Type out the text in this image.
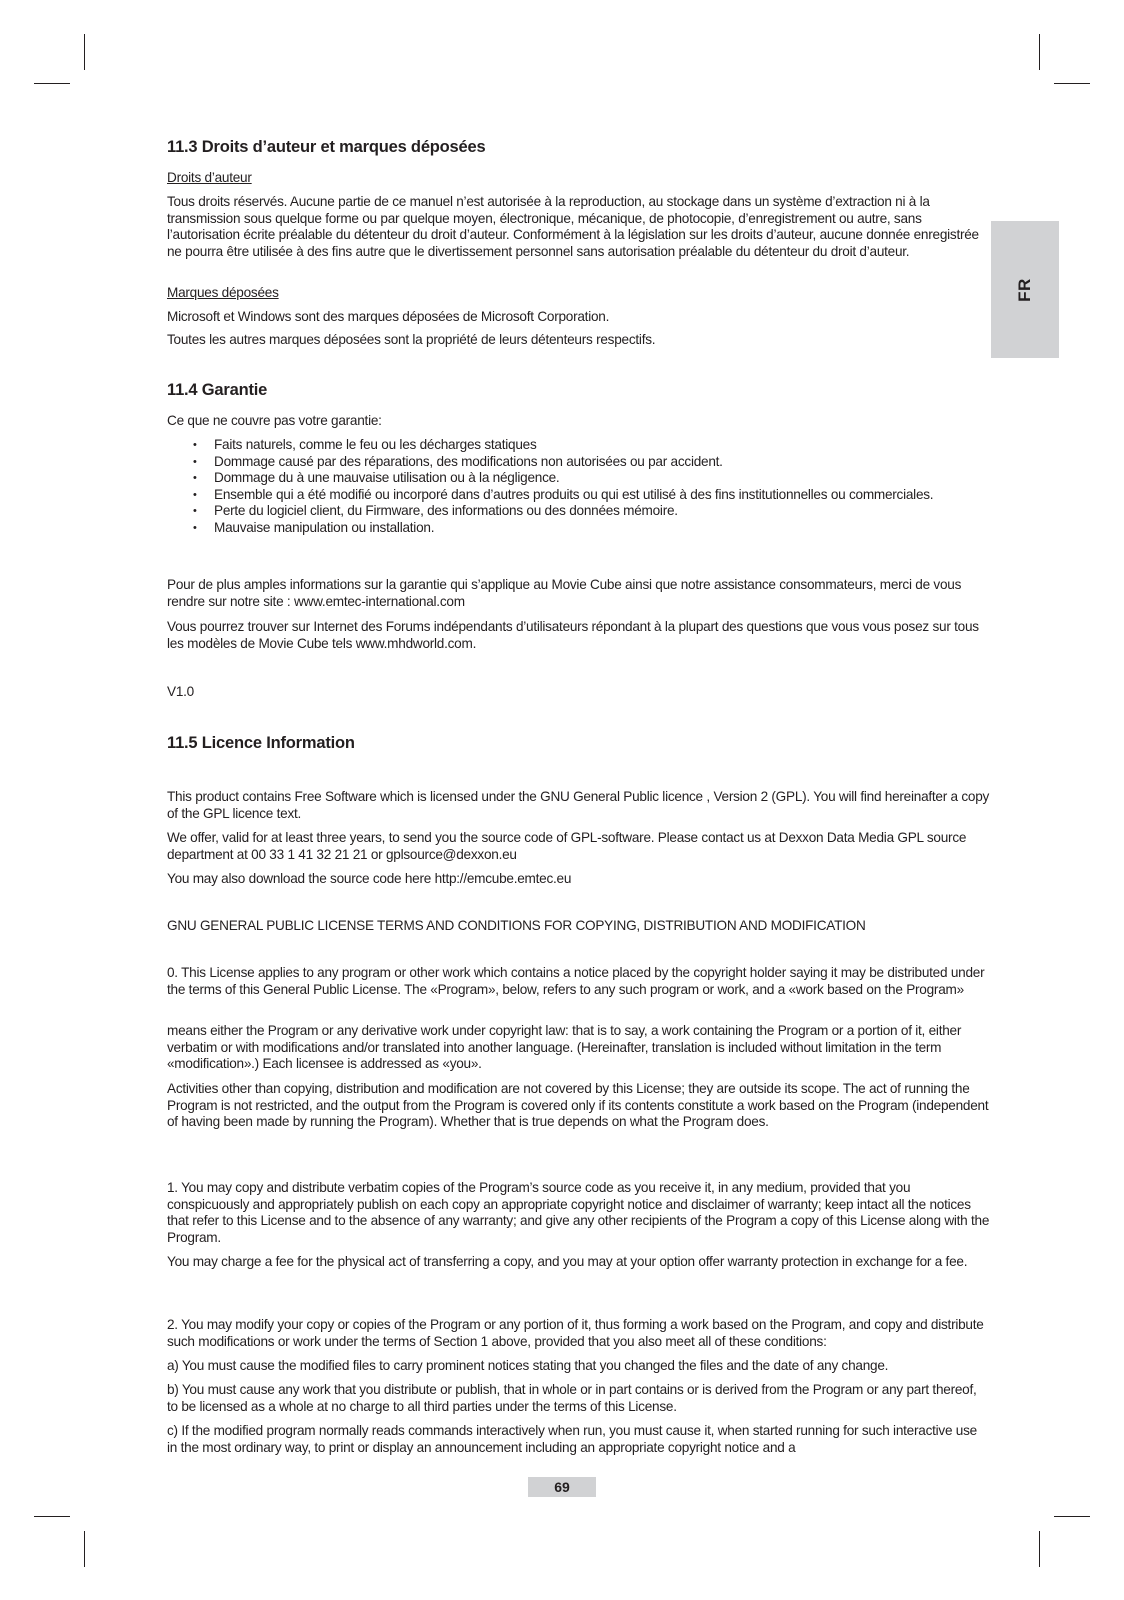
FR
11.3 Droits d’auteur et marques déposées

Droits d’auteur

Tous droits réservés. Aucune partie de ce manuel n’est autorisée à la reproduction, au stockage dans un système d’extraction ni à la transmission sous quelque forme ou par quelque moyen, électronique, mécanique, de photocopie, d’enregistrement ou autre, sans l’autorisation écrite préalable du détenteur du droit d’auteur. Conformément à la législation sur les droits d’auteur, aucune donnée enregistrée ne pourra être utilisée à des fins autre que le divertissement personnel sans autorisation préalable du détenteur du droit d’auteur.

Marques déposées

Microsoft et Windows sont des marques déposées de Microsoft Corporation.

Toutes les autres marques déposées sont la propriété de leurs détenteurs respectifs.

11.4 Garantie

Ce que ne couvre pas votre garantie:

• Faits naturels, comme le feu ou les décharges statiques
• Dommage causé par des réparations, des modifications non autorisées ou par accident.
• Dommage du à une mauvaise utilisation ou à la négligence.
• Ensemble qui a été modifié ou incorporé dans d’autres produits ou qui est utilisé à des fins institutionnelles ou commerciales.
• Perte du logiciel client, du Firmware, des informations ou des données mémoire.
• Mauvaise manipulation ou installation.

Pour de plus amples informations sur la garantie qui s’applique au Movie Cube ainsi que notre assistance consommateurs, merci de vous rendre sur notre site : www.emtec-international.com

Vous pourrez trouver sur Internet des Forums indépendants d’utilisateurs répondant à la plupart des questions que vous vous posez sur tous les modèles de Movie Cube tels www.mhdworld.com.

V1.0

11.5 Licence Information

This product contains Free Software which is licensed under the GNU General Public licence , Version 2 (GPL). You will find hereinafter a copy of the GPL licence text.

We offer, valid for at least three years, to send you the source code of GPL-software. Please contact us at Dexxon Data Media GPL source department at 00 33 1 41 32 21 21 or gplsource@dexxon.eu

You may also download the source code here http://emcube.emtec.eu

GNU GENERAL PUBLIC LICENSE TERMS AND CONDITIONS FOR COPYING, DISTRIBUTION AND MODIFICATION

0. This License applies to any program or other work which contains a notice placed by the copyright holder saying it may be distributed under the terms of this General Public License. The «Program», below, refers to any such program or work, and a «work based on the Program»

means either the Program or any derivative work under copyright law: that is to say, a work containing the Program or a portion of it, either verbatim or with modifications and/or translated into another language. (Hereinafter, translation is included without limitation in the term «modification».) Each licensee is addressed as «you».

Activities other than copying, distribution and modification are not covered by this License; they are outside its scope. The act of running the Program is not restricted, and the output from the Program is covered only if its contents constitute a work based on the Program (independent of having been made by running the Program). Whether that is true depends on what the Program does.

1. You may copy and distribute verbatim copies of the Program’s source code as you receive it, in any medium, provided that you conspicuously and appropriately publish on each copy an appropriate copyright notice and disclaimer of warranty; keep intact all the notices that refer to this License and to the absence of any warranty; and give any other recipients of the Program a copy of this License along with the Program.

You may charge a fee for the physical act of transferring a copy, and you may at your option offer warranty protection in exchange for a fee.

2. You may modify your copy or copies of the Program or any portion of it, thus forming a work based on the Program, and copy and distribute such modifications or work under the terms of Section 1 above, provided that you also meet all of these conditions:

a) You must cause the modified files to carry prominent notices stating that you changed the files and the date of any change.

b) You must cause any work that you distribute or publish, that in whole or in part contains or is derived from the Program or any part thereof, to be licensed as a whole at no charge to all third parties under the terms of this License.

c) If the modified program normally reads commands interactively when run, you must cause it, when started running for such interactive use in the most ordinary way, to print or display an announcement including an appropriate copyright notice and a

69
